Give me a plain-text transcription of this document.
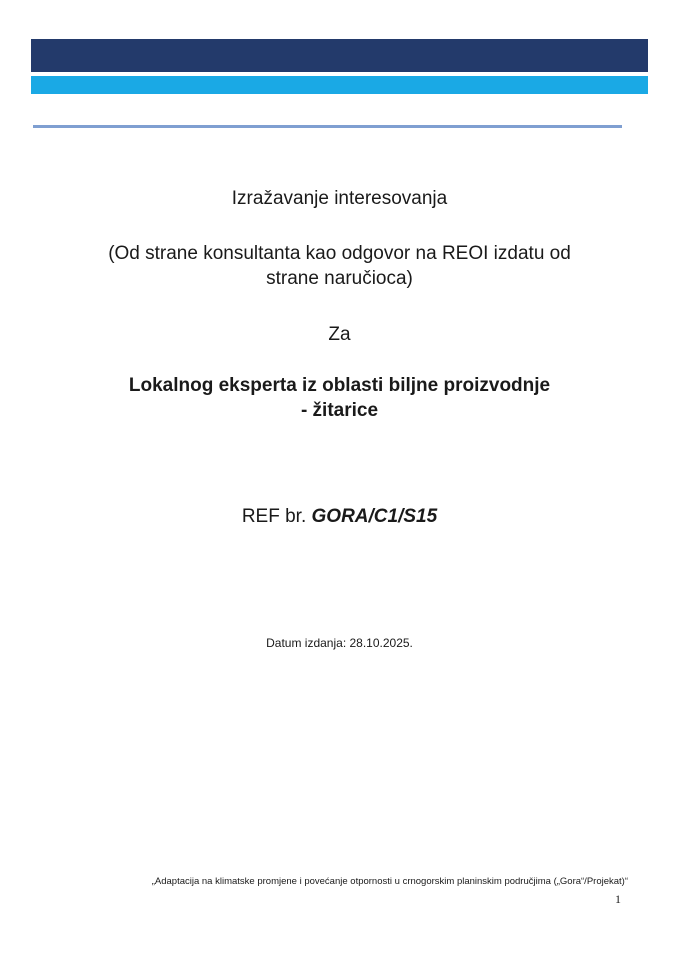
Izražavanje interesovanja

(Od strane konsultanta kao odgovor na REOI izdatu od
strane naručioca)

Za

Lokalnog eksperta iz oblasti biljne proizvodnje
- žitarice

REF br. GORA/C1/S15

Datum izdanja: 28.10.2025.

„Adaptacija na klimatske promjene i povećanje otpornosti u crnogorskim planinskim područjima („Gora“/Projekat)“
1
